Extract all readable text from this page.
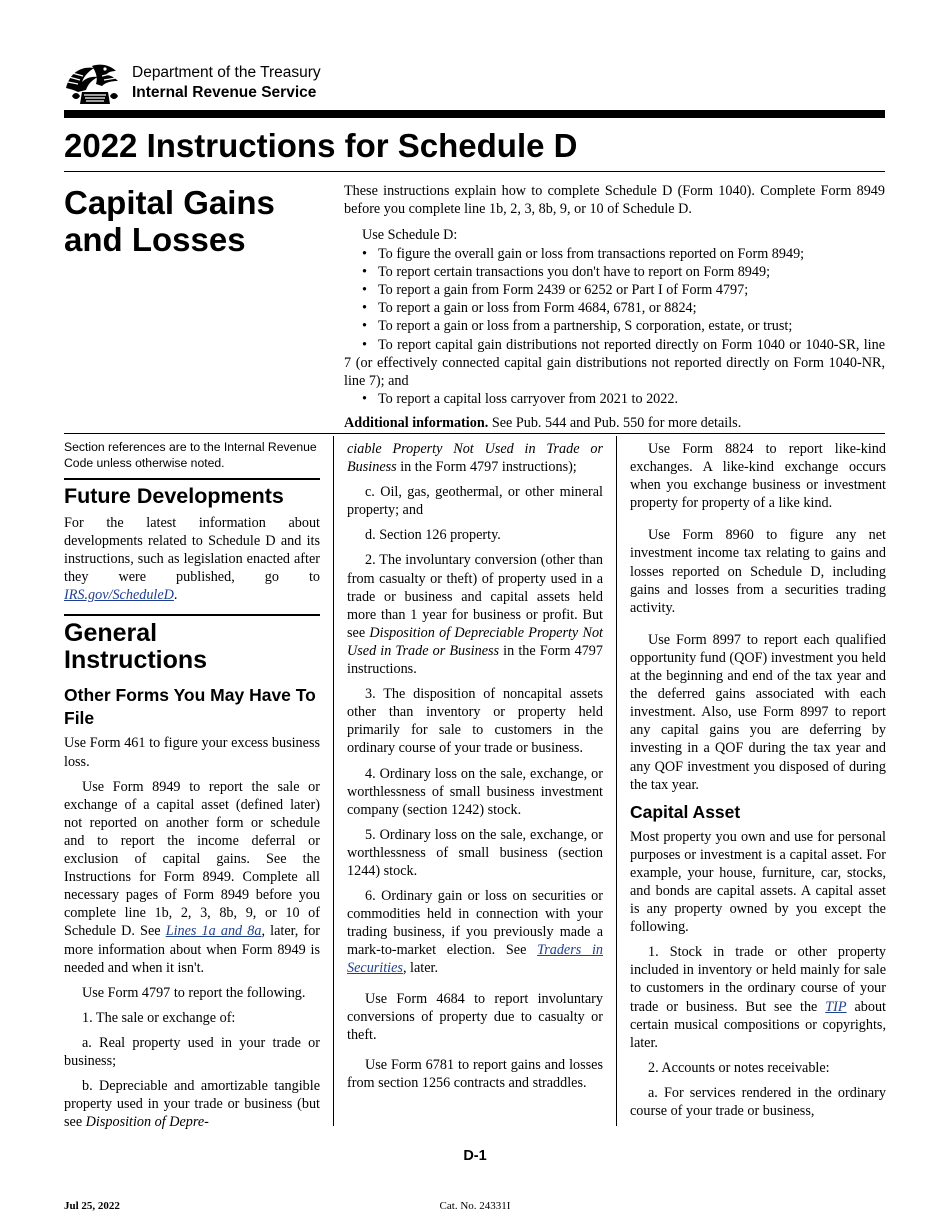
Department of the Treasury
Internal Revenue Service
2022 Instructions for Schedule D
Capital Gains
and Losses

These instructions explain how to complete Schedule D (Form 1040). Complete Form 8949 before you complete line 1b, 2, 3, 8b, 9, or 10 of Schedule D.

Use Schedule D:

• To figure the overall gain or loss from transactions reported on Form 8949;
• To report certain transactions you don't have to report on Form 8949;
• To report a gain from Form 2439 or 6252 or Part I of Form 4797;
• To report a gain or loss from Form 4684, 6781, or 8824;
• To report a gain or loss from a partnership, S corporation, estate, or trust;
• To report capital gain distributions not reported directly on Form 1040 or 1040-SR, line 7 (or effectively connected capital gain distributions not reported directly on Form 1040-NR, line 7); and
• To report a capital loss carryover from 2021 to 2022.

Additional information. See Pub. 544 and Pub. 550 for more details.

Section references are to the Internal Revenue Code unless otherwise noted.

Future Developments

For the latest information about developments related to Schedule D and its instructions, such as legislation enacted after they were published, go to IRS.gov/ScheduleD.

General
Instructions
Other Forms You May Have To File

Use Form 461 to figure your excess business loss.

Use Form 8949 to report the sale or exchange of a capital asset (defined later) not reported on another form or schedule and to report the income deferral or exclusion of capital gains. See the Instructions for Form 8949. Complete all necessary pages of Form 8949 before you complete line 1b, 2, 3, 8b, 9, or 10 of Schedule D. See Lines 1a and 8a, later, for more information about when Form 8949 is needed and when it isn't.

Use Form 4797 to report the following.

1. The sale or exchange of:

a. Real property used in your trade or business;

b. Depreciable and amortizable tangible property used in your trade or business (but see Disposition of Depre-

ciable Property Not Used in Trade or Business in the Form 4797 instructions);

c. Oil, gas, geothermal, or other mineral property; and

d. Section 126 property.

2. The involuntary conversion (other than from casualty or theft) of property used in a trade or business and capital assets held more than 1 year for business or profit. But see Disposition of Depreciable Property Not Used in Trade or Business in the Form 4797 instructions.

3. The disposition of noncapital assets other than inventory or property held primarily for sale to customers in the ordinary course of your trade or business.

4. Ordinary loss on the sale, exchange, or worthlessness of small business investment company (section 1242) stock.

5. Ordinary loss on the sale, exchange, or worthlessness of small business (section 1244) stock.

6. Ordinary gain or loss on securities or commodities held in connection with your trading business, if you previously made a mark-to-market election. See Traders in Securities, later.

Use Form 4684 to report involuntary conversions of property due to casualty or theft.

Use Form 6781 to report gains and losses from section 1256 contracts and straddles.

Use Form 8824 to report like-kind exchanges. A like-kind exchange occurs when you exchange business or investment property for property of a like kind.

Use Form 8960 to figure any net investment income tax relating to gains and losses reported on Schedule D, including gains and losses from a securities trading activity.

Use Form 8997 to report each qualified opportunity fund (QOF) investment you held at the beginning and end of the tax year and the deferred gains associated with each investment. Also, use Form 8997 to report any capital gains you are deferring by investing in a QOF during the tax year and any QOF investment you disposed of during the tax year.

Capital Asset

Most property you own and use for personal purposes or investment is a capital asset. For example, your house, furniture, car, stocks, and bonds are capital assets. A capital asset is any property owned by you except the following.

1. Stock in trade or other property included in inventory or held mainly for sale to customers in the ordinary course of your trade or business. But see the TIP about certain musical compositions or copyrights, later.

2. Accounts or notes receivable:

a. For services rendered in the ordinary course of your trade or business,

D-1
Jul 25, 2022	Cat. No. 24331I
